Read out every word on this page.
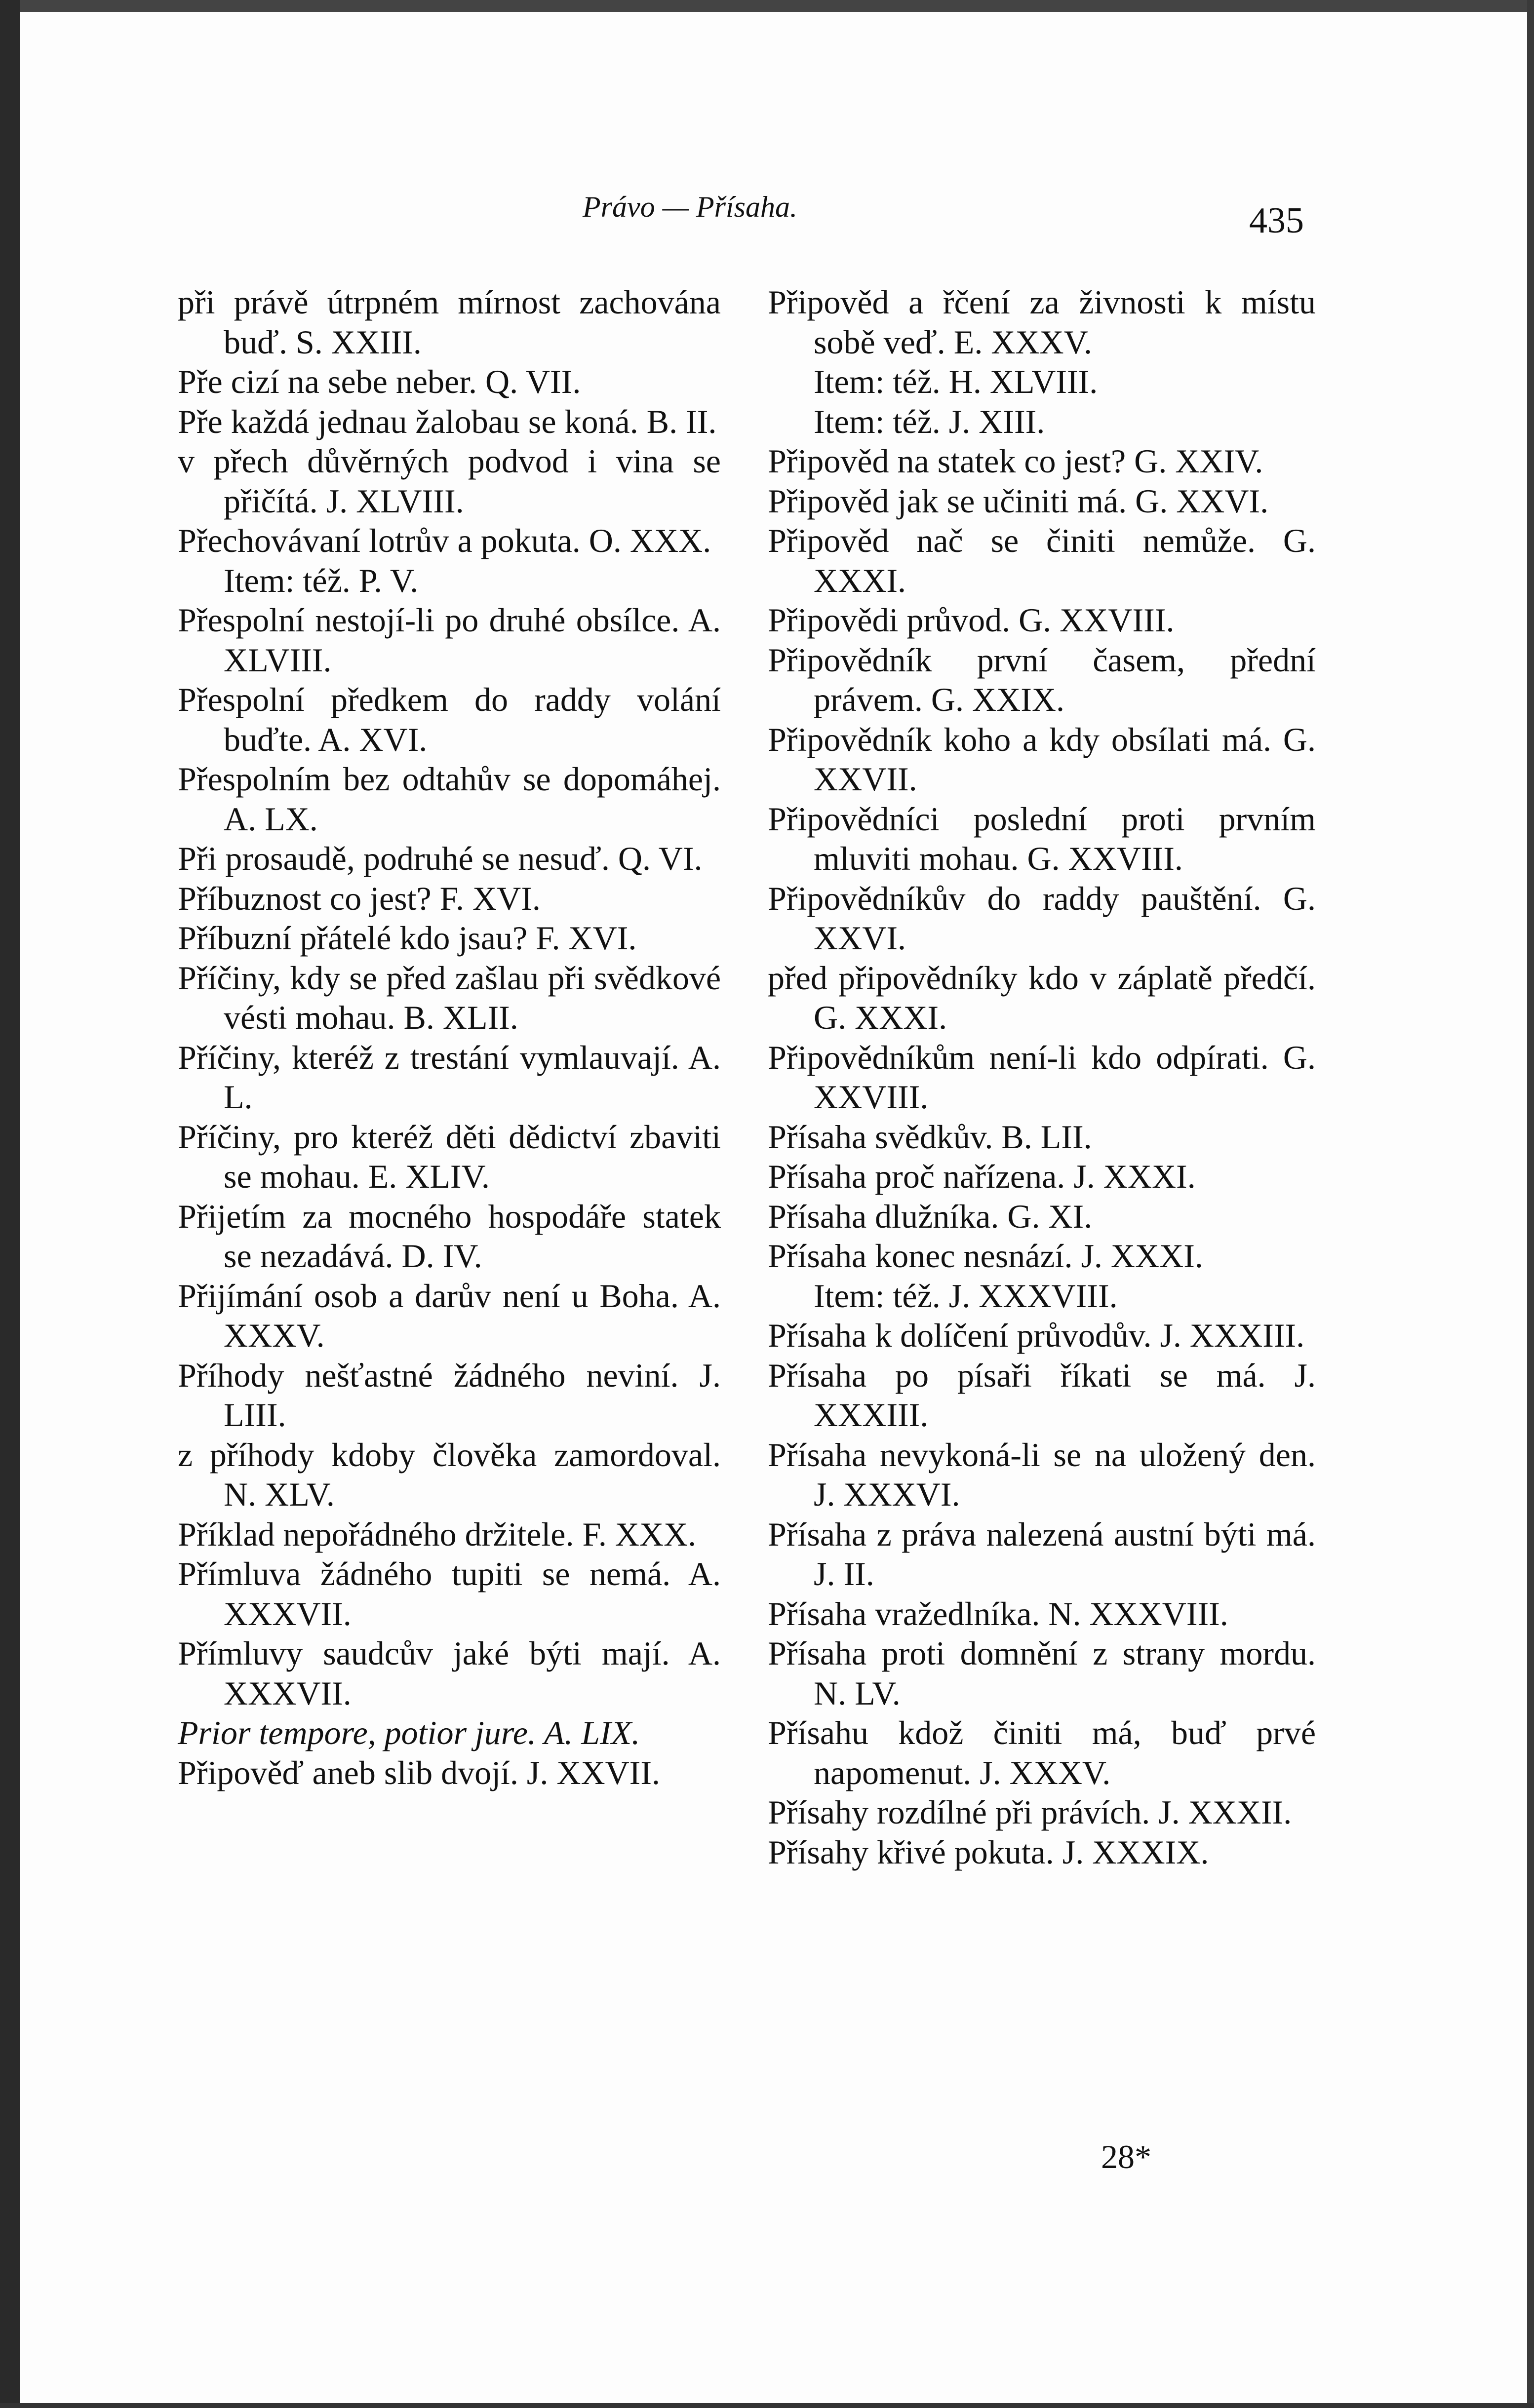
Právo — Přísaha.	435

při právě útrpném mírnost zachována buď. S. XXIII.

Pře cizí na sebe neber. Q. VII.

Pře každá jednau žalobau se koná. B. II.

v přech důvěrných podvod i vina se přičítá. J. XLVIII.

Přechovávaní lotrův a pokuta. O. XXX.

Item: též. P. V.

Přespolní nestojí-li po druhé obsílce. A. XLVIII.

Přespolní předkem do raddy volání buďte. A. XVI.

Přespolním bez odtahův se dopomáhej. A. LX.

Při prosaudě, podruhé se nesuď. Q. VI.

Příbuznost co jest? F. XVI.

Příbuzní přátelé kdo jsau? F. XVI.

Příčiny, kdy se před zašlau při svědkové vésti mohau. B. XLII.

Příčiny, kteréž z trestání vymlauvají. A. L.

Příčiny, pro kteréž děti dědictví zbaviti se mohau. E. XLIV.

Přijetím za mocného hospodáře statek se nezadává. D. IV.

Přijímání osob a darův není u Boha. A. XXXV.

Příhody nešťastné žádného neviní. J. LIII.

z příhody kdoby člověka zamordoval. N. XLV.

Příklad nepořádného držitele. F. XXX.

Přímluva žádného tupiti se nemá. A. XXXVII.

Přímluvy saudcův jaké býti mají. A. XXXVII.

Prior tempore, potior jure. A. LIX.

Připověď aneb slib dvojí. J. XXVII.

Připověd a řčení za živnosti k místu sobě veď. E. XXXV.

Item: též. H. XLVIII.

Item: též. J. XIII.

Připověd na statek co jest? G. XXIV.

Připověd jak se učiniti má. G. XXVI.

Připověd nač se činiti nemůže. G. XXXI.

Připovědi průvod. G. XXVIII.

Připovědník první časem, přední právem. G. XXIX.

Připovědník koho a kdy obsílati má. G. XXVII.

Připovědníci poslední proti prvním mluviti mohau. G. XXVIII.

Připovědníkův do raddy pauštění. G. XXVI.

před připovědníky kdo v záplatě předčí. G. XXXI.

Připovědníkům není-li kdo odpírati. G. XXVIII.

Přísaha svědkův. B. LII.

Přísaha proč nařízena. J. XXXI.

Přísaha dlužníka. G. XI.

Přísaha konec nesnází. J. XXXI.

Item: též. J. XXXVIII.

Přísaha k dolíčení průvodův. J. XXXIII.

Přísaha po písaři říkati se má. J. XXXIII.

Přísaha nevykoná-li se na uložený den. J. XXXVI.

Přísaha z práva nalezená austní býti má. J. II.

Přísaha vražedlníka. N. XXXVIII.

Přísaha proti domnění z strany mordu. N. LV.

Přísahu kdož činiti má, buď prvé napomenut. J. XXXV.

Přísahy rozdílné při právích. J. XXXII.

Přísahy křivé pokuta. J. XXXIX.

28*
